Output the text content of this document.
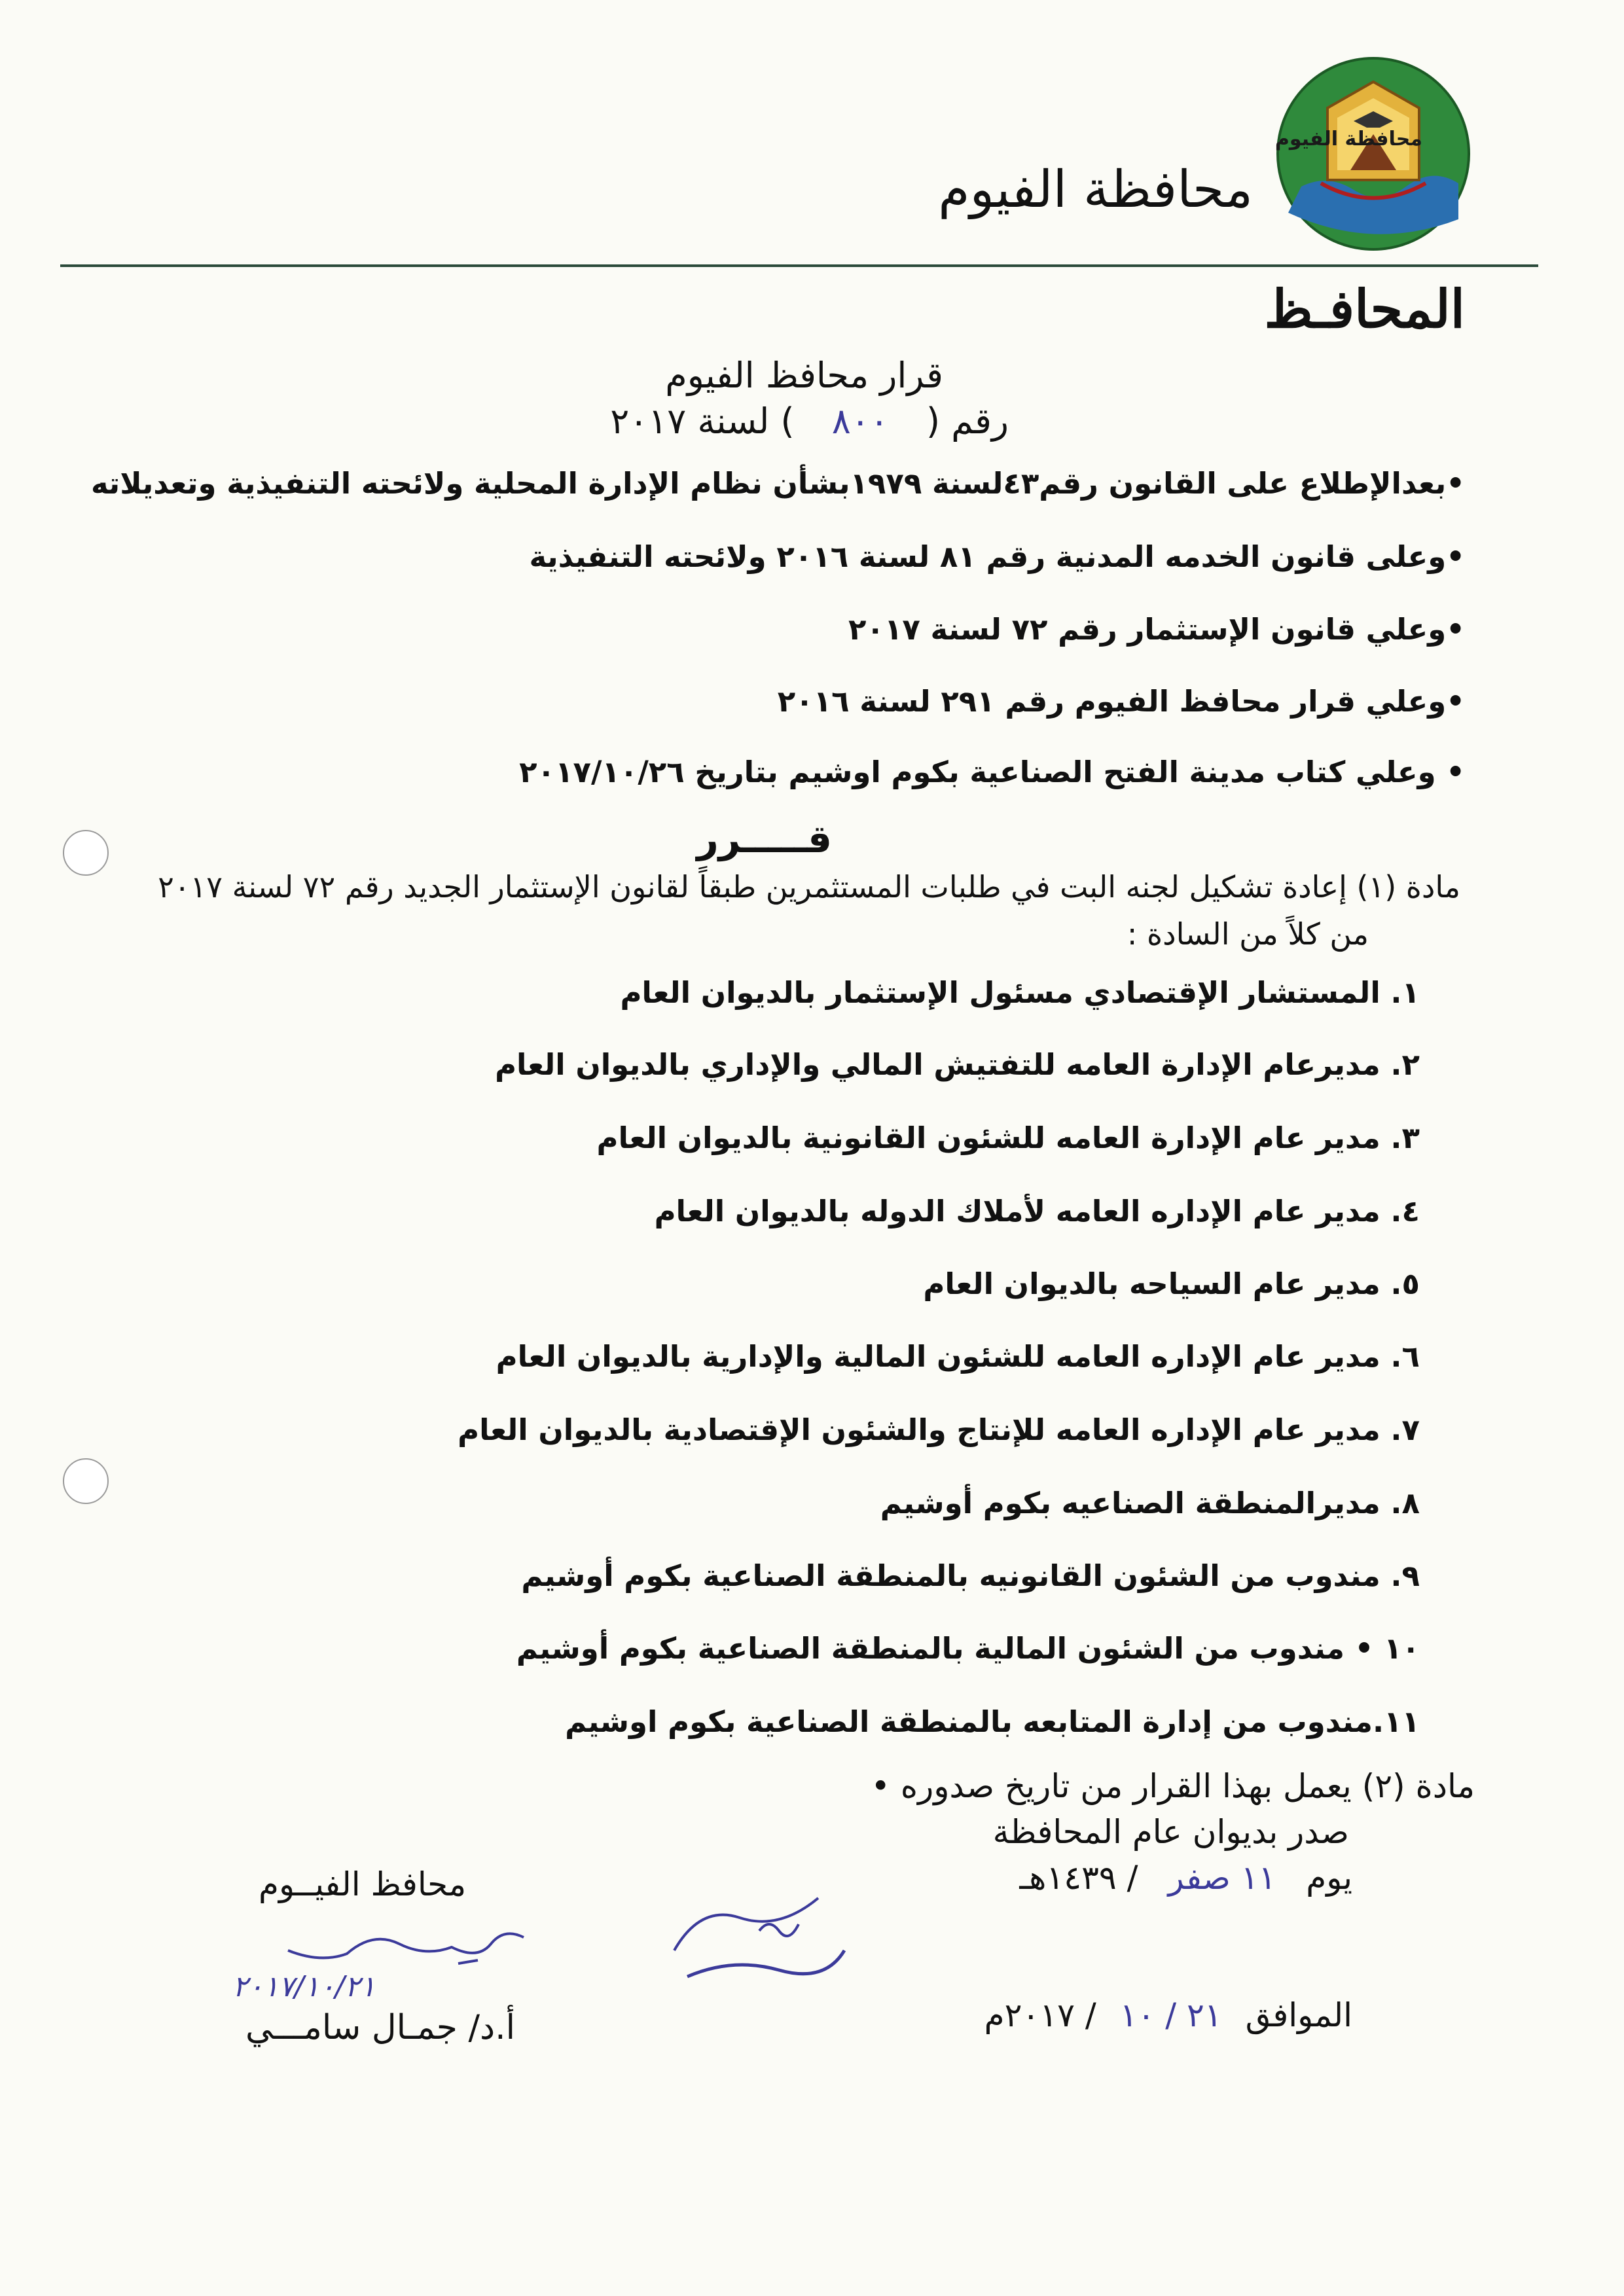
محافظة الفيوم
محافظة الفيوم
المحافـظ
قرار محافظ الفيوم
رقم ( ٨٠٠ ) لسنة ٢٠١٧
•بعدالإطلاع على القانون رقم٤٣لسنة ١٩٧٩بشأن نظام الإدارة المحلية ولائحته التنفيذية وتعديلاته
•وعلى قانون الخدمه المدنية رقم ٨١ لسنة ٢٠١٦ ولائحته التنفيذية
•وعلي قانون الإستثمار رقم ٧٢ لسنة ٢٠١٧
•وعلي قرار محافظ الفيوم رقم ٢٩١ لسنة ٢٠١٦
• وعلي كتاب مدينة الفتح الصناعية بكوم اوشيم بتاريخ ٢٠١٧/١٠/٢٦
قـــــرر
مادة (١) إعادة تشكيل لجنه البت في طلبات المستثمرين طبقاً لقانون الإستثمار الجديد رقم ٧٢ لسنة ٢٠١٧
من كلاً من السادة :
١. المستشار الإقتصادي مسئول الإستثمار بالديوان العام
٢. مديرعام الإدارة العامه للتفتيش المالي والإداري بالديوان العام
٣. مدير عام الإدارة العامه للشئون القانونية بالديوان العام
٤. مدير عام الإداره العامه لأملاك الدوله بالديوان العام
٥. مدير عام السياحه بالديوان العام
٦. مدير عام الإداره العامه للشئون المالية والإدارية بالديوان العام
٧. مدير عام الإداره العامه للإنتاج والشئون الإقتصادية بالديوان العام
٨. مديرالمنطقة الصناعيه بكوم أوشيم
٩. مندوب من الشئون القانونيه بالمنطقة الصناعية بكوم أوشيم
١٠ • مندوب من الشئون المالية بالمنطقة الصناعية بكوم أوشيم
١١.مندوب من إدارة المتابعه بالمنطقة الصناعية بكوم اوشيم
مادة (٢) يعمل بهذا القرار من تاريخ صدوره •
صدر بديوان عام المحافظة
يوم ١١ صفر / ١٤٣٩هـ
محافظ الفيــوم
٢٠١٧/١٠/٢١
أ.د/ جمـال سامـــي	الموافق ٢١ / ١٠ / ٢٠١٧م
